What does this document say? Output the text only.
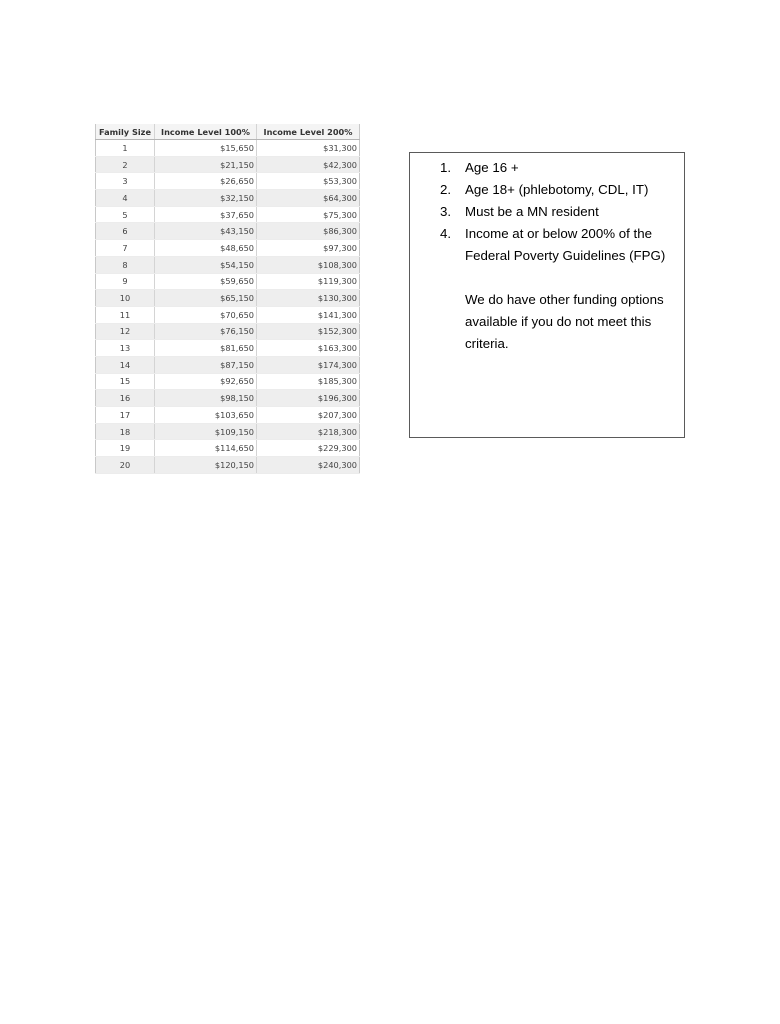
Family Size	Income Level 100%	Income Level 200%
1	$15,650	$31,300
2	$21,150	$42,300
3	$26,650	$53,300
4	$32,150	$64,300
5	$37,650	$75,300
6	$43,150	$86,300
7	$48,650	$97,300
8	$54,150	$108,300
9	$59,650	$119,300
10	$65,150	$130,300
11	$70,650	$141,300
12	$76,150	$152,300
13	$81,650	$163,300
14	$87,150	$174,300
15	$92,650	$185,300
16	$98,150	$196,300
17	$103,650	$207,300
18	$109,150	$218,300
19	$114,650	$229,300
20	$120,150	$240,300
1. Age 16 +
2. Age 18+ (phlebotomy, CDL, IT)
3. Must be a MN resident
4. Income at or below 200% of the Federal Poverty Guidelines (FPG)

We do have other funding options available if you do not meet this criteria.
